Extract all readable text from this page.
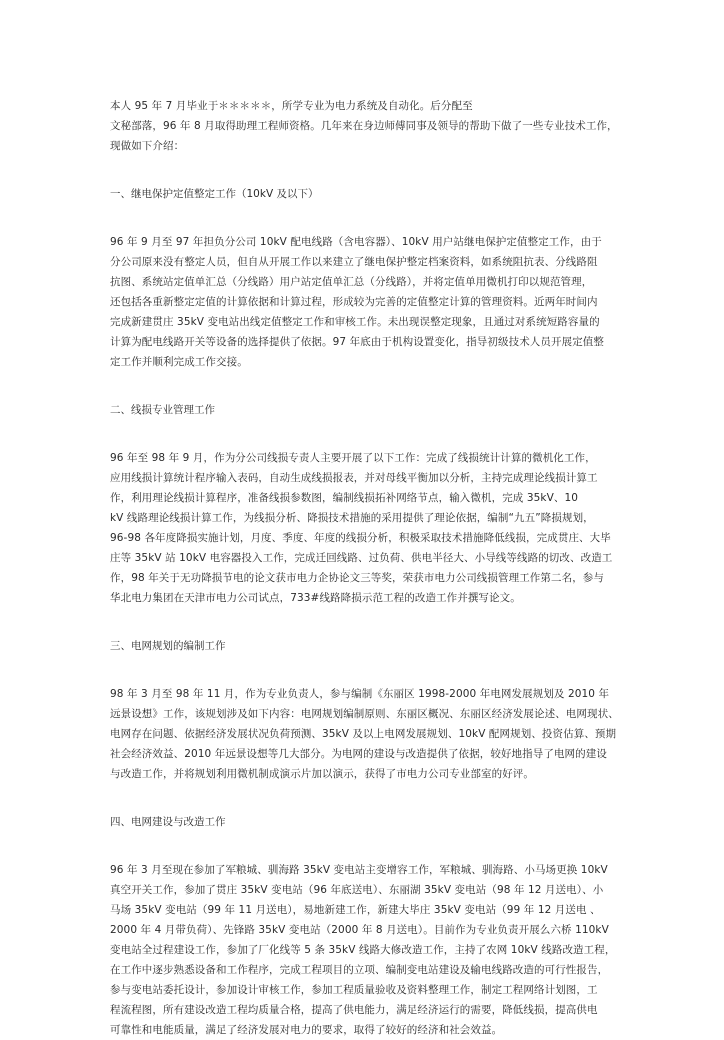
本人 95 年 7 月毕业于＊＊＊＊＊，所学专业为电力系统及自动化。后分配至
文秘部落，96 年 8 月取得助理工程师资格。几年来在身边师傅同事及领导的帮助下做了一些专业技术工作，
现做如下介绍：

一、继电保护定值整定工作（10kV 及以下）

96 年 9 月至 97 年担负分公司 10kV 配电线路（含电容器）、10kV 用户站继电保护定值整定工作，由于
分公司原来没有整定人员，但自从开展工作以来建立了继电保护整定档案资料，如系统阻抗表、分线路阻
抗图、系统站定值单汇总（分线路）用户站定值单汇总（分线路），并将定值单用微机打印以规范管理，
还包括各重新整定定值的计算依据和计算过程，形成较为完善的定值整定计算的管理资料。近两年时间内
完成新建贯庄 35kV 变电站出线定值整定工作和审核工作。未出现误整定现象，且通过对系统短路容量的
计算为配电线路开关等设备的选择提供了依据。97 年底由于机构设置变化，指导初级技术人员开展定值整
定工作并顺利完成工作交接。

二、线损专业管理工作

96 年至 98 年 9 月，作为分公司线损专责人主要开展了以下工作：完成了线损统计计算的微机化工作，
应用线损计算统计程序输入表码，自动生成线损报表，并对母线平衡加以分析，主持完成理论线损计算工
作，利用理论线损计算程序，准备线损参数图，编制线损拓补网络节点，输入微机，完成 35kV、10
kV 线路理论线损计算工作，为线损分析、降损技术措施的采用提供了理论依据，编制“九五”降损规划，
96-98 各年度降损实施计划，月度、季度、年度的线损分析，积极采取技术措施降低线损，完成贯庄、大毕
庄等 35kV 站 10kV 电容器投入工作，完成迁回线路、过负荷、供电半径大、小导线等线路的切改、改造工
作，98 年关于无功降损节电的论文获市电力企协论文三等奖，荣获市电力公司线损管理工作第二名，参与
华北电力集团在天津市电力公司试点，733#线路降损示范工程的改造工作并撰写论文。

三、电网规划的编制工作

98 年 3 月至 98 年 11 月，作为专业负责人，参与编制《东丽区 1998-2000 年电网发展规划及 2010 年
远景设想》工作，该规划涉及如下内容：电网规划编制原则、东丽区概况、东丽区经济发展论述、电网现状、
电网存在问题、依据经济发展状况负荷预测、35kV 及以上电网发展规划、10kV 配网规划、投资估算、预期
社会经济效益、2010 年远景设想等几大部分。为电网的建设与改造提供了依据，较好地指导了电网的建设
与改造工作，并将规划利用微机制成演示片加以演示，获得了市电力公司专业部室的好评。

四、电网建设与改造工作

96 年 3 月至现在参加了军粮城、驯海路 35kV 变电站主变增容工作，军粮城、驯海路、小马场更换 10kV
真空开关工作，参加了贯庄 35kV 变电站（96 年底送电）、东丽湖 35kV 变电站（98 年 12 月送电）、小
马场 35kV 变电站（99 年 11 月送电），易地新建工作，新建大毕庄 35kV 变电站（99 年 12 月送电 、
2000 年 4 月带负荷）、先锋路 35kV 变电站（2000 年 8 月送电）。目前作为专业负责开展么六桥 110kV
变电站全过程建设工作，参加了厂化线等 5 条 35kV 线路大修改造工作，主持了农网 10kV 线路改造工程，
在工作中逐步熟悉设备和工作程序，完成工程项目的立项、编制变电站建设及输电线路改造的可行性报告，
参与变电站委托设计，参加设计审核工作，参加工程质量验收及资料整理工作，制定工程网络计划图，工
程流程图，所有建设改造工程均质量合格，提高了供电能力，满足经济运行的需要，降低线损，提高供电
可靠性和电能质量，满足了经济发展对电力的要求，取得了较好的经济和社会效益。
